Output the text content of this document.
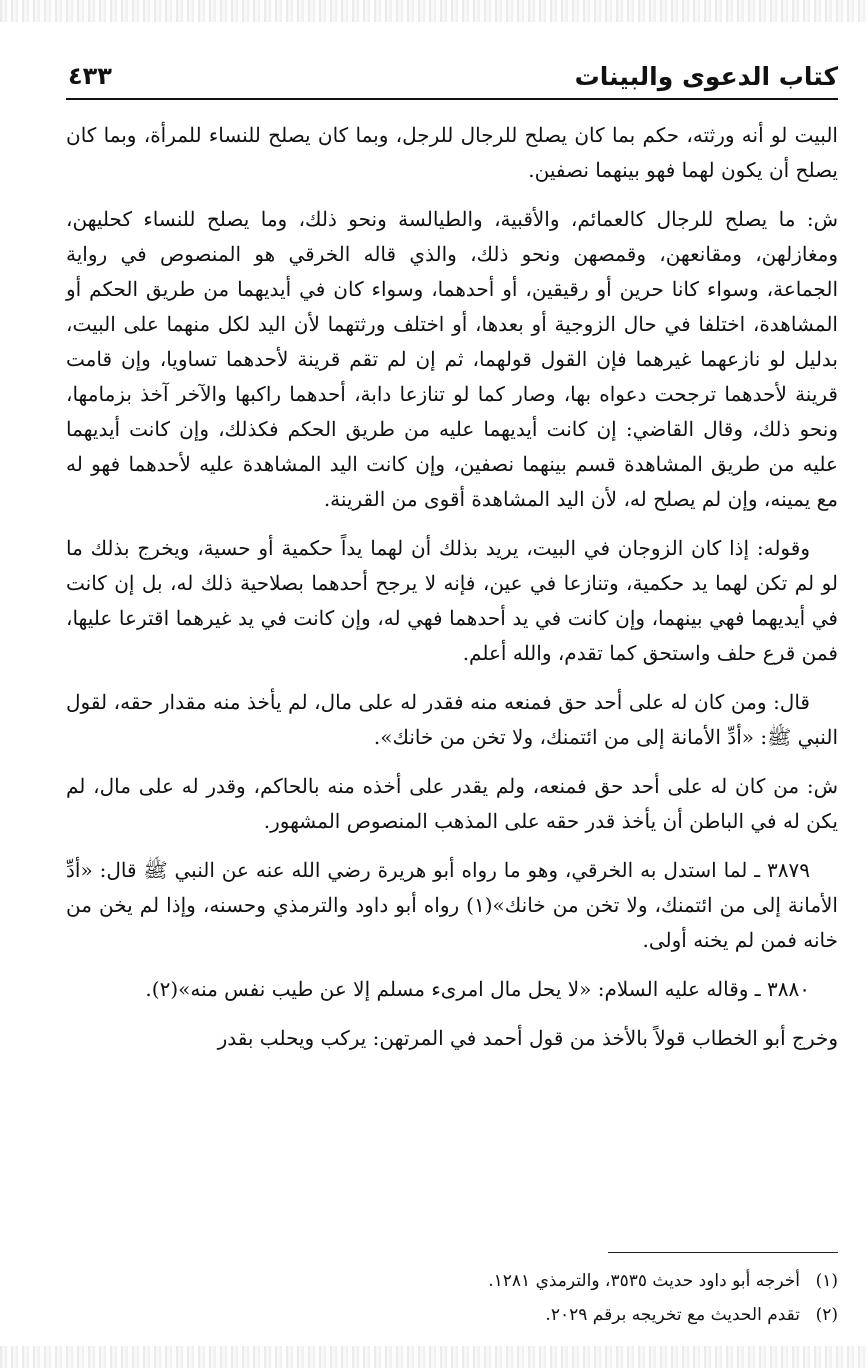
كتاب الدعوى والبينات
٤٣٣

البيت لو أنه ورثته، حكم بما كان يصلح للرجال للرجل، وبما كان يصلح للنساء للمرأة، وبما كان يصلح أن يكون لهما فهو بينهما نصفين.

ش: ما يصلح للرجال كالعمائم، والأقبية، والطيالسة ونحو ذلك، وما يصلح للنساء كحليهن، ومغازلهن، ومقانعهن، وقمصهن ونحو ذلك، والذي قاله الخرقي هو المنصوص في رواية الجماعة، وسواء كانا حرين أو رقيقين، أو أحدهما، وسواء كان في أيديهما من طريق الحكم أو المشاهدة، اختلفا في حال الزوجية أو بعدها، أو اختلف ورثتهما لأن اليد لكل منهما على البيت، بدليل لو نازعهما غيرهما فإن القول قولهما، ثم إن لم تقم قرينة لأحدهما تساويا، وإن قامت قرينة لأحدهما ترجحت دعواه بها، وصار كما لو تنازعا دابة، أحدهما راكبها والآخر آخذ بزمامها، ونحو ذلك، وقال القاضي: إن كانت أيديهما عليه من طريق الحكم فكذلك، وإن كانت أيديهما عليه من طريق المشاهدة قسم بينهما نصفين، وإن كانت اليد المشاهدة عليه لأحدهما فهو له مع يمينه، وإن لم يصلح له، لأن اليد المشاهدة أقوى من القرينة.

وقوله: إذا كان الزوجان في البيت، يريد بذلك أن لهما يداً حكمية أو حسية، ويخرج بذلك ما لو لم تكن لهما يد حكمية، وتنازعا في عين، فإنه لا يرجح أحدهما بصلاحية ذلك له، بل إن كانت في أيديهما فهي بينهما، وإن كانت في يد أحدهما فهي له، وإن كانت في يد غيرهما اقترعا عليها، فمن قرع حلف واستحق كما تقدم، والله أعلم.

قال: ومن كان له على أحد حق فمنعه منه فقدر له على مال، لم يأخذ منه مقدار حقه، لقول النبي ﷺ: «أدِّ الأمانة إلى من ائتمنك، ولا تخن من خانك».

ش: من كان له على أحد حق فمنعه، ولم يقدر على أخذه منه بالحاكم، وقدر له على مال، لم يكن له في الباطن أن يأخذ قدر حقه على المذهب المنصوص المشهور.

٣٨٧٩ ـ لما استدل به الخرقي، وهو ما رواه أبو هريرة رضي الله عنه عن النبي ﷺ قال: «أدِّ الأمانة إلى من ائتمنك، ولا تخن من خانك»(١) رواه أبو داود والترمذي وحسنه، وإذا لم يخن من خانه فمن لم يخنه أولى.

٣٨٨٠ ـ وقاله عليه السلام: «لا يحل مال امرىء مسلم إلا عن طيب نفس منه»(٢).

وخرج أبو الخطاب قولاً بالأخذ من قول أحمد في المرتهن: يركب ويحلب بقدر

(١)
أخرجه أبو داود حديث ٣٥٣٥، والترمذي ١٢٨١.
(٢)
تقدم الحديث مع تخريجه برقم ٢٠٢٩.
